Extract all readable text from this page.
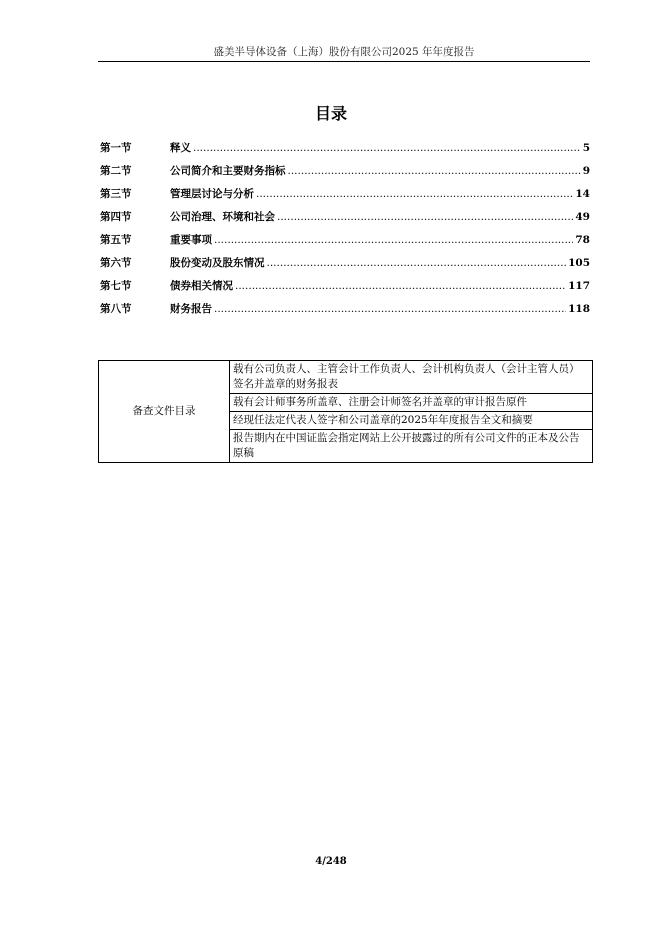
盛美半导体设备（上海）股份有限公司2025 年年度报告
目录
第一节	释义 .....	5
第二节	公司简介和主要财务指标 .....	9
第三节	管理层讨论与分析 .....	14
第四节	公司治理、环境和社会 .....	49
第五节	重要事项 .....	78
第六节	股份变动及股东情况 .....	105
第七节	债券相关情况 .....	117
第八节	财务报告 .....	118
备查文件目录	载有公司负责人、主管会计工作负责人、会计机构负责人（会计主管人员）签名并盖章的财务报表
载有会计师事务所盖章、注册会计师签名并盖章的审计报告原件
经现任法定代表人签字和公司盖章的2025年年度报告全文和摘要
报告期内在中国证监会指定网站上公开披露过的所有公司文件的正本及公告原稿
4/248
